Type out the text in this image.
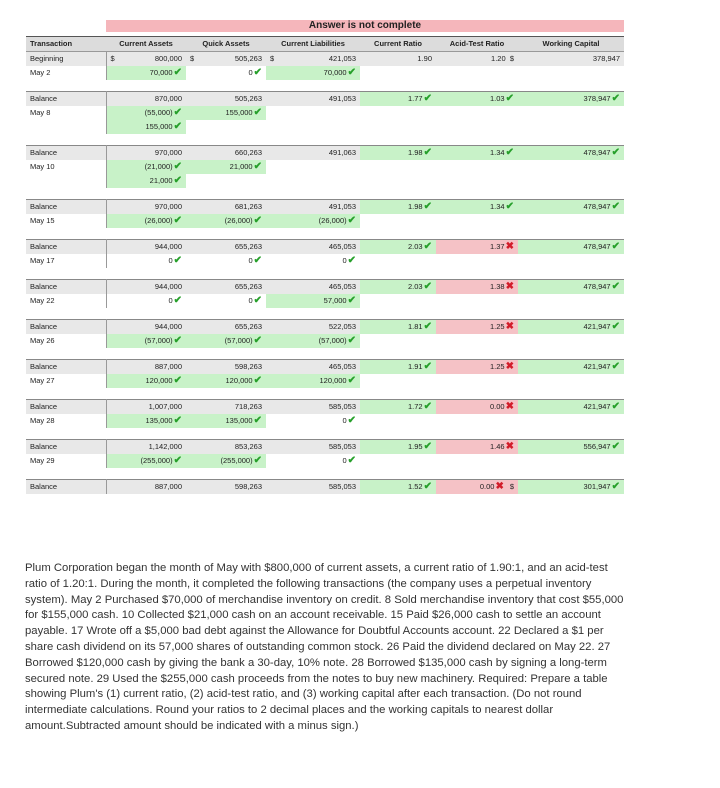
Answer is not complete
Transaction	Current Assets	Quick Assets	Current Liabilities	Current Ratio	Acid-Test Ratio	Working Capital
Beginning	$ 800,000	$ 505,263	$ 421,053	1.90	1.20 $	378,947
May 2	70,000✔	0✔	70,000✔			

Balance	870,000	505,263	491,053	1.77✔	1.03✔	378,947✔
May 8	(55,000)✔	155,000✔				
	155,000✔					

Balance	970,000	660,263	491,063	1.98✔	1.34✔	478,947✔
May 10	(21,000)✔	21,000✔				
	21,000✔					

Balance	970,000	681,263	491,053	1.98✔	1.34✔	478,947✔
May 15	(26,000)✔	(26,000)✔	(26,000)✔			

Balance	944,000	655,263	465,053	2.03✔	1.37✖	478,947✔
May 17	0✔	0✔	0✔			

Balance	944,000	655,263	465,053	2.03✔	1.38✖	478,947✔
May 22	0✔	0✔	57,000✔			

Balance	944,000	655,263	522,053	1.81✔	1.25✖	421,947✔
May 26	(57,000)✔	(57,000)✔	(57,000)✔			

Balance	887,000	598,263	465,053	1.91✔	1.25✖	421,947✔
May 27	120,000✔	120,000✔	120,000✔			

Balance	1,007,000	718,263	585,053	1.72✔	0.00✖	421,947✔
May 28	135,000✔	135,000✔	0✔			

Balance	1,142,000	853,263	585,053	1.95✔	1.46✖	556,947✔
May 29	(255,000)✔	(255,000)✔	0✔			

Balance	887,000	598,263	585,053	1.52✔	0.00✖ $	301,947✔
Plum Corporation began the month of May with $800,000 of current assets, a current ratio of 1.90:1, and an acid-test ratio of 1.20:1. During the month, it completed the following transactions (the company uses a perpetual inventory system). May 2 Purchased $70,000 of merchandise inventory on credit. 8 Sold merchandise inventory that cost $55,000 for $155,000 cash. 10 Collected $21,000 cash on an account receivable. 15 Paid $26,000 cash to settle an account payable. 17 Wrote off a $5,000 bad debt against the Allowance for Doubtful Accounts account. 22 Declared a $1 per share cash dividend on its 57,000 shares of outstanding common stock. 26 Paid the dividend declared on May 22. 27 Borrowed $120,000 cash by giving the bank a 30-day, 10% note. 28 Borrowed $135,000 cash by signing a long-term secured note. 29 Used the $255,000 cash proceeds from the notes to buy new machinery. Required: Prepare a table showing Plum's (1) current ratio, (2) acid-test ratio, and (3) working capital after each transaction. (Do not round intermediate calculations. Round your ratios to 2 decimal places and the working capitals to nearest dollar amount.Subtracted amount should be indicated with a minus sign.)
